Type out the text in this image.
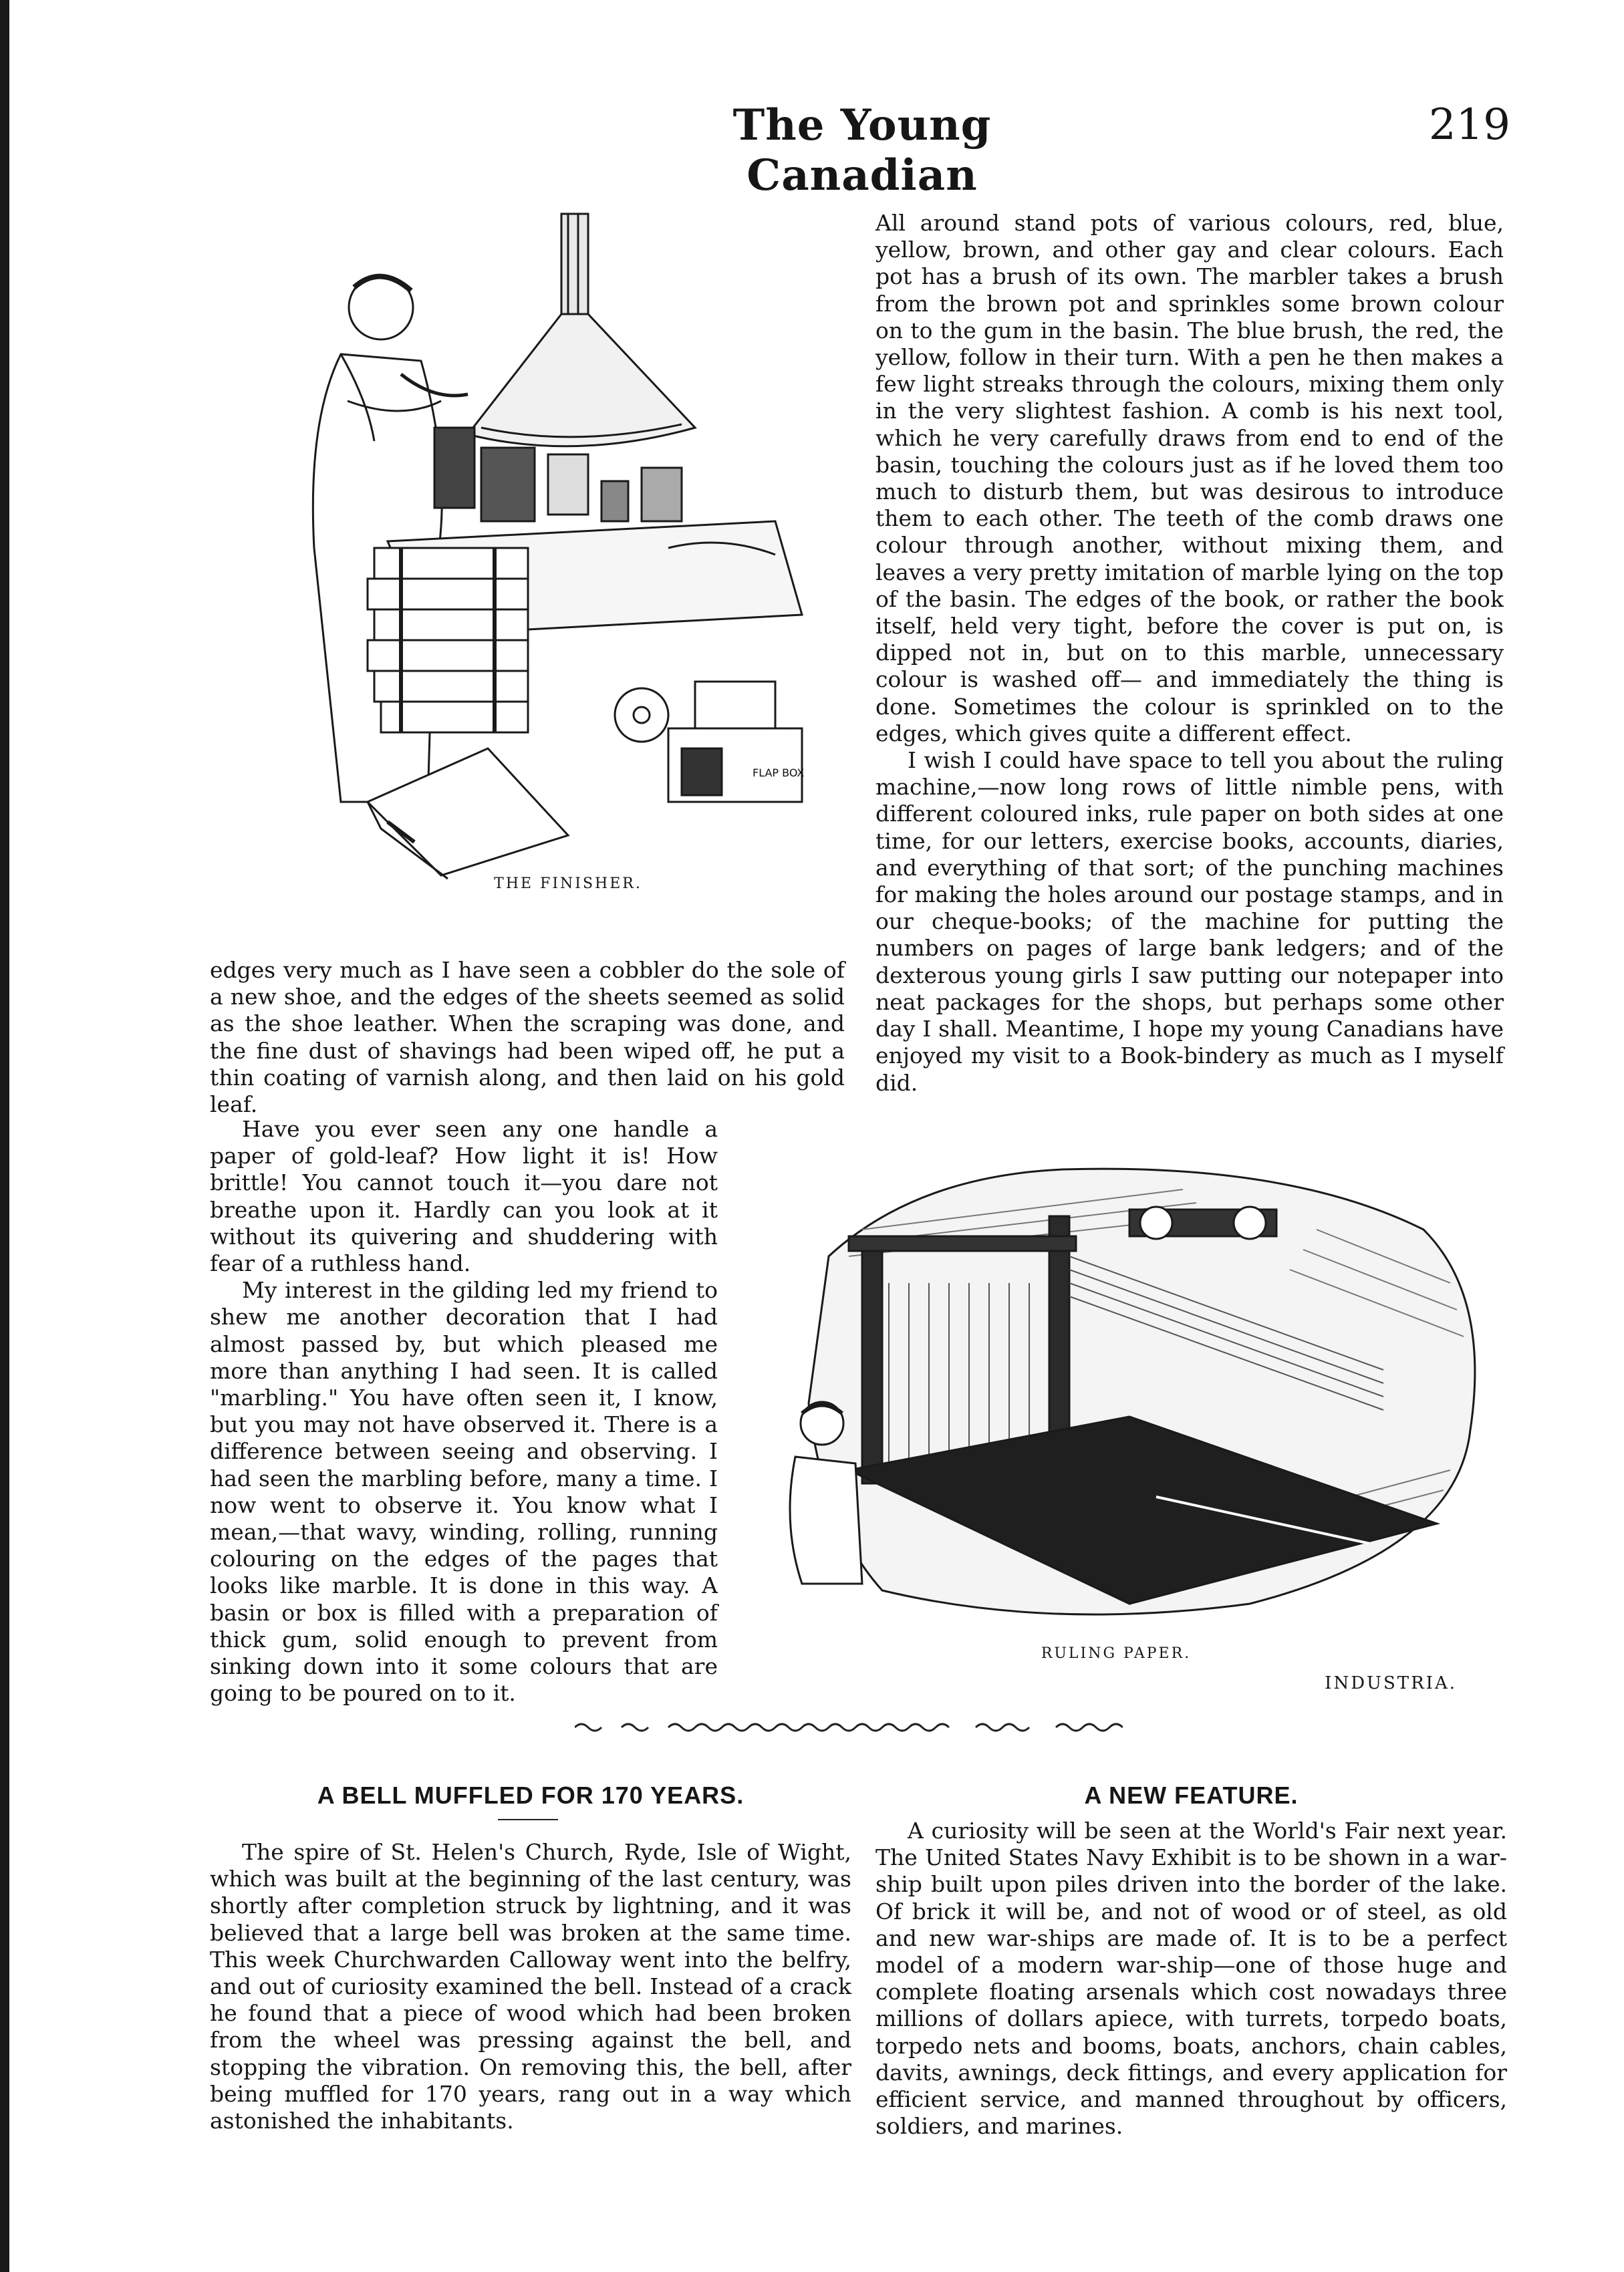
The Young Canadian
219
FLAP BOX
THE FINISHER.

All around stand pots of various colours, red, blue, yellow, brown, and other gay and clear colours. Each pot has a brush of its own. The marbler takes a brush from the brown pot and sprinkles some brown colour on to the gum in the basin. The blue brush, the red, the yellow, follow in their turn. With a pen he then makes a few light streaks through the colours, mixing them only in the very slightest fashion. A comb is his next tool, which he very carefully draws from end to end of the basin, touching the colours just as if he loved them too much to disturb them, but was desirous to introduce them to each other. The teeth of the comb draws one colour through another, without mixing them, and leaves a very pretty imitation of marble lying on the top of the basin. The edges of the book, or rather the book itself, held very tight, before the cover is put on, is dipped not in, but on to this marble, unnecessary colour is washed off— and immediately the thing is done. Sometimes the colour is sprinkled on to the edges, which gives quite a different effect.

I wish I could have space to tell you about the ruling machine,—now long rows of little nimble pens, with different coloured inks, rule paper on both sides at one time, for our letters, exercise books, accounts, diaries, and everything of that sort; of the punching machines for making the holes around our postage stamps, and in our cheque-books; of the machine for putting the numbers on pages of large bank ledgers; and of the dexterous young girls I saw putting our notepaper into neat packages for the shops, but perhaps some other day I shall. Meantime, I hope my young Canadians have enjoyed my visit to a Book-bindery as much as I myself did.

edges very much as I have seen a cobbler do the sole of a new shoe, and the edges of the sheets seemed as solid as the shoe leather. When the scraping was done, and the fine dust of shavings had been wiped off, he put a thin coating of varnish along, and then laid on his gold leaf.

Have you ever seen any one handle a paper of gold-leaf? How light it is! How brittle! You cannot touch it—you dare not breathe upon it. Hardly can you look at it without its quivering and shuddering with fear of a ruthless hand.

My interest in the gilding led my friend to shew me another decoration that I had almost passed by, but which pleased me more than anything I had seen. It is called "marbling." You have often seen it, I know, but you may not have observed it. There is a difference between seeing and observing. I had seen the marbling before, many a time. I now went to observe it. You know what I mean,—that wavy, winding, rolling, running colouring on the edges of the pages that looks like marble. It is done in this way. A basin or box is filled with a preparation of thick gum, solid enough to prevent from sinking down into it some colours that are going to be poured on to it.

RULING PAPER.
INDUSTRIA.
A BELL MUFFLED FOR 170 YEARS.

The spire of St. Helen's Church, Ryde, Isle of Wight, which was built at the beginning of the last century, was shortly after completion struck by lightning, and it was believed that a large bell was broken at the same time. This week Churchwarden Calloway went into the belfry, and out of curiosity examined the bell. Instead of a crack he found that a piece of wood which had been broken from the wheel was pressing against the bell, and stopping the vibration. On removing this, the bell, after being muffled for 170 years, rang out in a way which astonished the inhabitants.

A NEW FEATURE.

A curiosity will be seen at the World's Fair next year. The United States Navy Exhibit is to be shown in a war-ship built upon piles driven into the border of the lake. Of brick it will be, and not of wood or of steel, as old and new war-ships are made of. It is to be a perfect model of a modern war-ship—one of those huge and complete floating arsenals which cost nowadays three millions of dollars apiece, with turrets, torpedo boats, torpedo nets and booms, boats, anchors, chain cables, davits, awnings, deck fittings, and every application for efficient service, and manned throughout by officers, soldiers, and marines.
